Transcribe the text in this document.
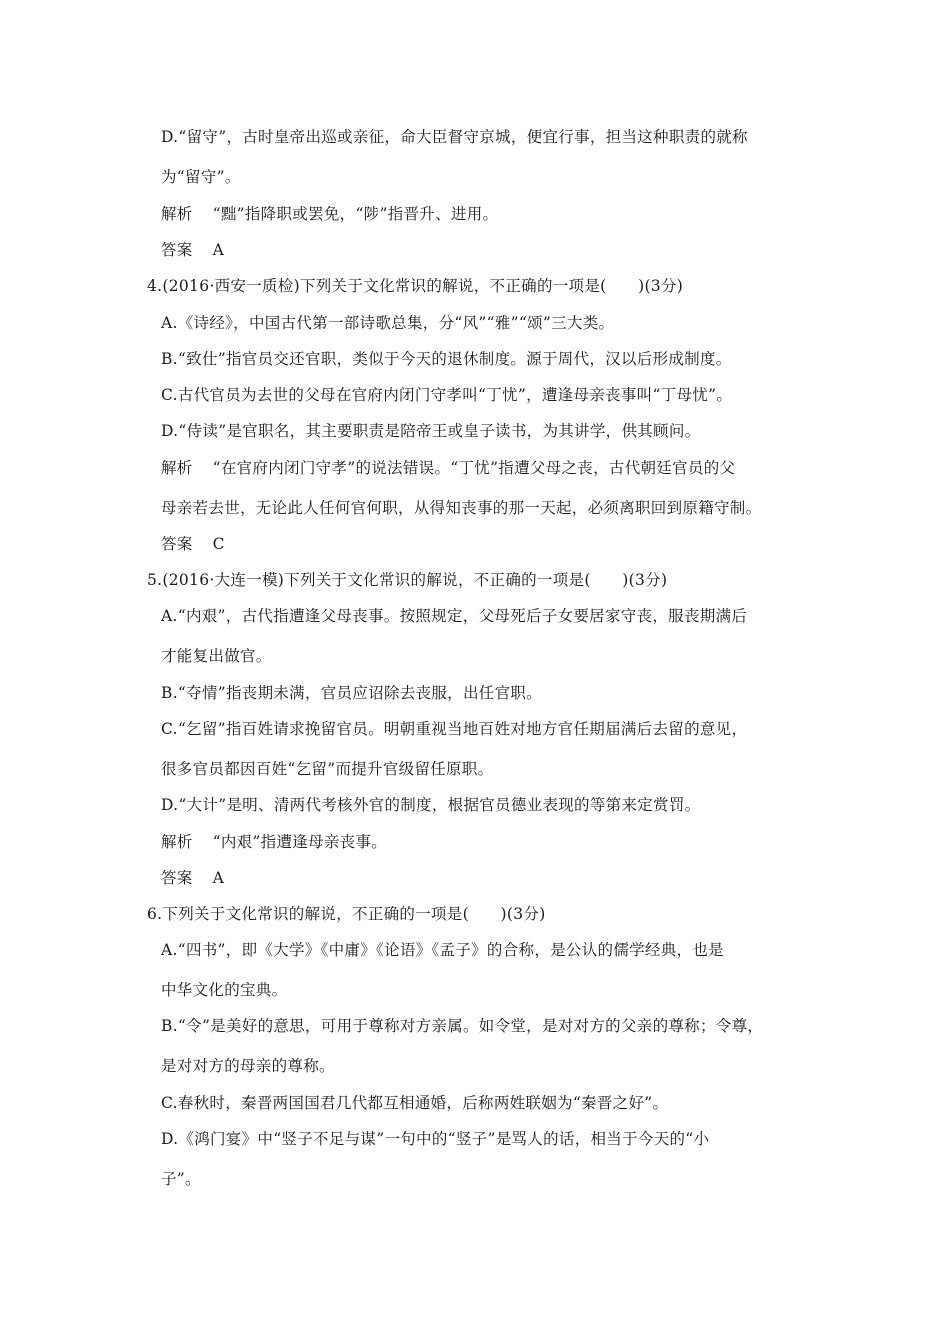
D.“留守”，古时皇帝出巡或亲征，命大臣督守京城，便宜行事，担当这种职责的就称
为“留守”。
解析 “黜”指降职或罢免，“陟”指晋升、进用。
答案 A
4.(2016·西安一质检)下列关于文化常识的解说，不正确的一项是(　　)(3分)
A.《诗经》，中国古代第一部诗歌总集，分“风”“雅”“颂”三大类。
B.“致仕”指官员交还官职，类似于今天的退休制度。源于周代，汉以后形成制度。
C.古代官员为去世的父母在官府内闭门守孝叫“丁忧”，遭逢母亲丧事叫“丁母忧”。
D.“侍读”是官职名，其主要职责是陪帝王或皇子读书，为其讲学，供其顾问。
解析 “在官府内闭门守孝”的说法错误。“丁忧”指遭父母之丧，古代朝廷官员的父
母亲若去世，无论此人任何官何职，从得知丧事的那一天起，必须离职回到原籍守制。
答案 C
5.(2016·大连一模)下列关于文化常识的解说，不正确的一项是(　　)(3分)
A.“内艰”，古代指遭逢父母丧事。按照规定，父母死后子女要居家守丧，服丧期满后
才能复出做官。
B.“夺情”指丧期未满，官员应诏除去丧服，出任官职。
C.“乞留”指百姓请求挽留官员。明朝重视当地百姓对地方官任期届满后去留的意见，
很多官员都因百姓“乞留”而提升官级留任原职。
D.“大计”是明、清两代考核外官的制度，根据官员德业表现的等第来定赏罚。
解析 “内艰”指遭逢母亲丧事。
答案 A
6.下列关于文化常识的解说，不正确的一项是(　　)(3分)
A.“四书”，即《大学》《中庸》《论语》《孟子》的合称，是公认的儒学经典，也是
中华文化的宝典。
B.“令”是美好的意思，可用于尊称对方亲属。如令堂，是对对方的父亲的尊称；令尊，
是对对方的母亲的尊称。
C.春秋时，秦晋两国国君几代都互相通婚，后称两姓联姻为“秦晋之好”。
D.《鸿门宴》中“竖子不足与谋”一句中的“竖子”是骂人的话，相当于今天的“小
子”。
